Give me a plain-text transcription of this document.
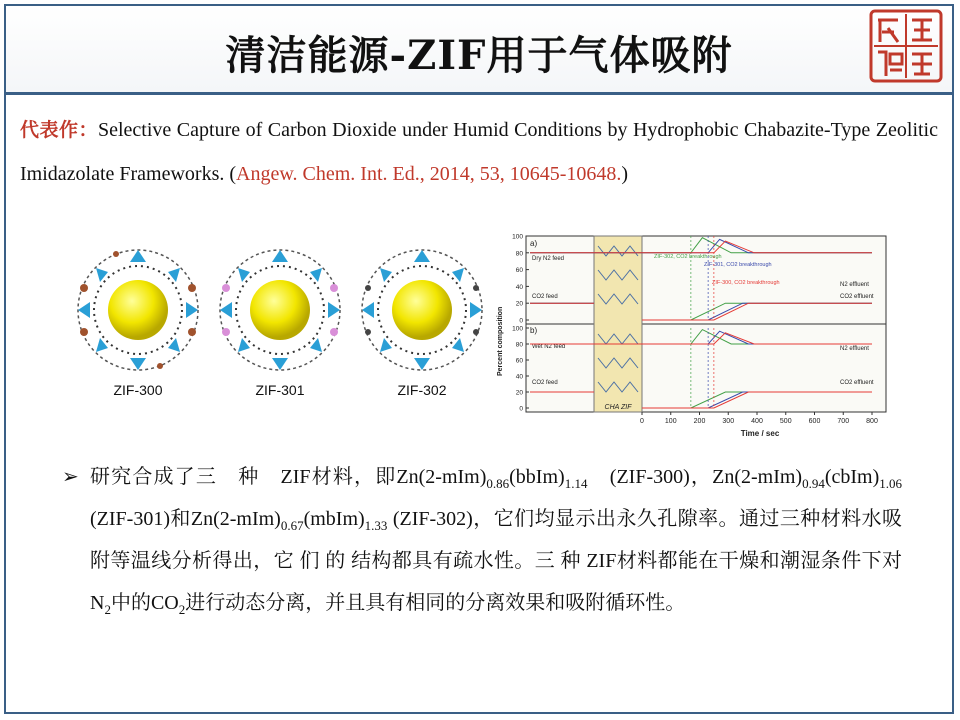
清洁能源-ZIF用于气体吸附
代表作：Selective Capture of Carbon Dioxide under Humid Conditions by Hydrophobic Chabazite-Type Zeolitic Imidazolate Frameworks. (Angew. Chem. Int. Ed., 2014, 53, 10645-10648.)
ZIF-300	ZIF-301	ZIF-302
CHA ZIF
a)
b)
Dry N2 feed
CO2 feed
Wet N2 feed
CO2 feed
N2 effluent
CO2 effluent
N2 effluent
CO2 effluent
ZIF-302, CO2 breakthrough
ZIF-301, CO2 breakthrough
ZIF-300, CO2 breakthrough
Percent composition
Time / sec
0	100 200 300 400 500 600 700 800
0
20
40
60
80
100
0
20
40
60
80
100
➢ 研究合成了三　种　ZIF材料，即$Zn(2-mIm)_{0.86}(bbIm)_{1.14}$　(ZIF-300)，$Zn(2-mIm)_{0.94}(cbIm)_{1.06}$ (ZIF-301)和$Zn(2-mIm)_{0.67}(mbIm)_{1.33}$ (ZIF-302)，它们均显示出永久孔隙率。通过三种材料水吸附等温线分析得出，它 们 的 结构都具有疏水性。三 种 ZIF材料都能在干燥和潮湿条件下对$N_2$中的$CO_2$进行动态分离，并且具有相同的分离效果和吸附循环性。
